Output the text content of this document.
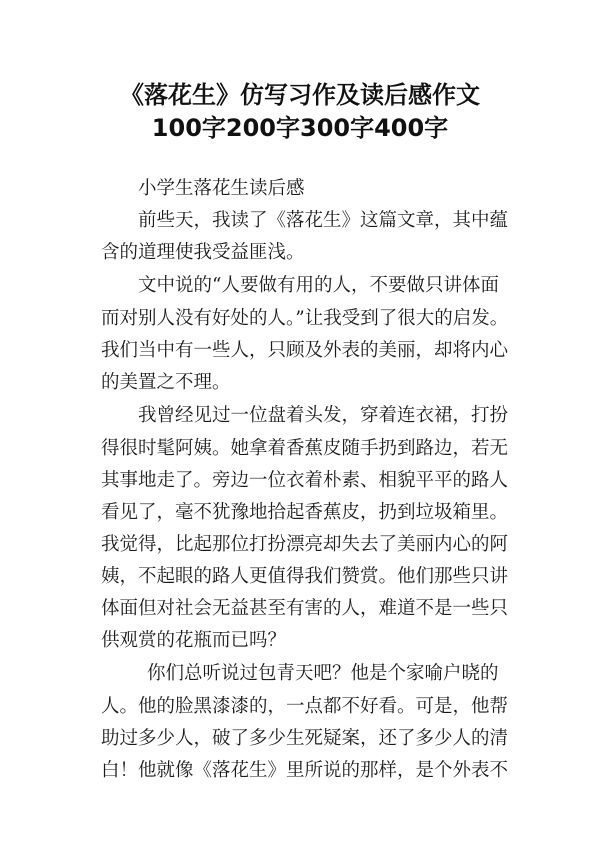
《落花生》仿写习作及读后感作文
100字200字300字400字
小学生落花生读后感
前些天，我读了《落花生》这篇文章，其中蕴
含的道理使我受益匪浅。
文中说的“人要做有用的人，不要做只讲体面
而对别人没有好处的人。”让我受到了很大的启发。
我们当中有一些人，只顾及外表的美丽，却将内心
的美置之不理。
我曾经见过一位盘着头发，穿着连衣裙，打扮
得很时髦阿姨。她拿着香蕉皮随手扔到路边，若无
其事地走了。旁边一位衣着朴素、相貌平平的路人
看见了，毫不犹豫地拾起香蕉皮，扔到垃圾箱里。
我觉得，比起那位打扮漂亮却失去了美丽内心的阿
姨，不起眼的路人更值得我们赞赏。他们那些只讲
体面但对社会无益甚至有害的人，难道不是一些只
供观赏的花瓶而已吗？
你们总听说过包青天吧？他是个家喻户晓的
人。他的脸黑漆漆的，一点都不好看。可是，他帮
助过多少人，破了多少生死疑案，还了多少人的清
白！他就像《落花生》里所说的那样，是个外表不
